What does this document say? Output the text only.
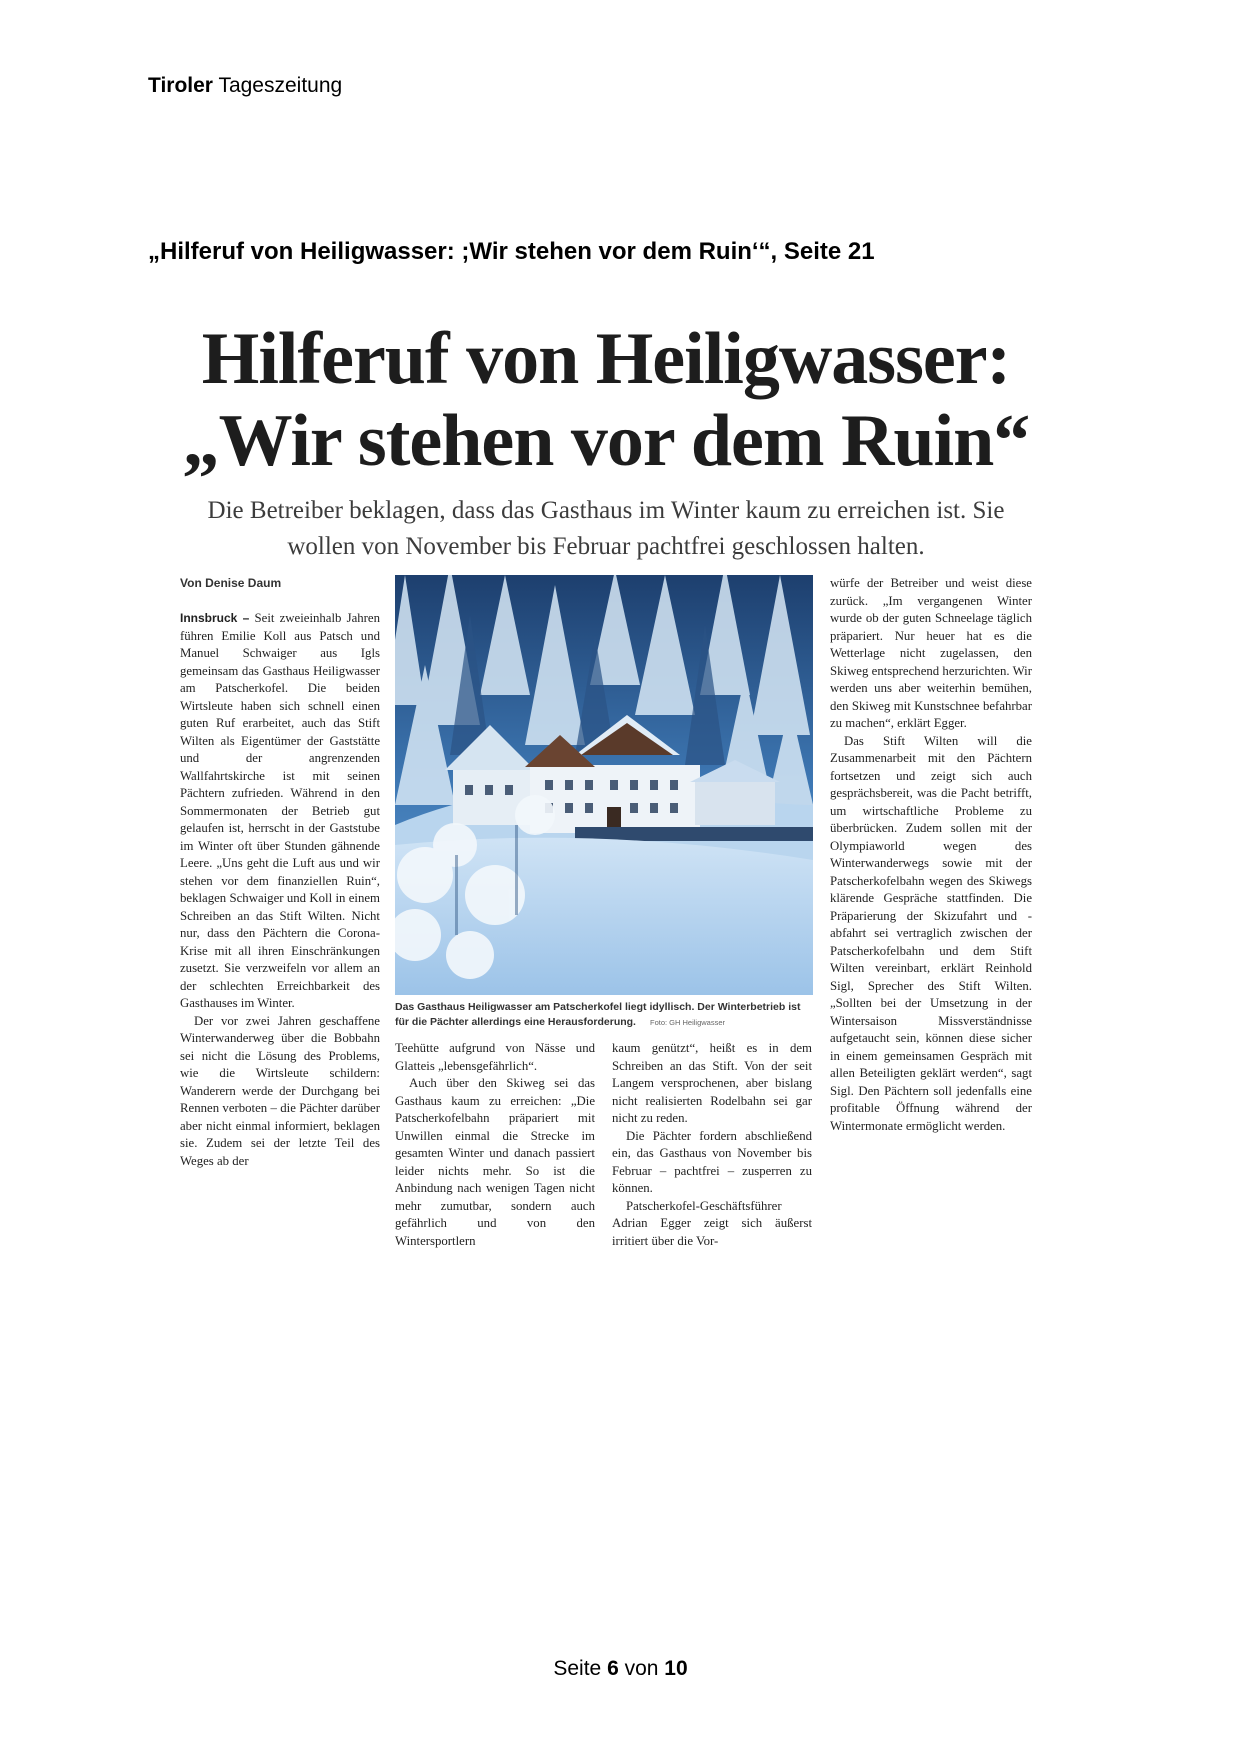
Tiroler Tageszeitung
„Hilferuf von Heiligwasser: ;Wir stehen vor dem Ruin‘“, Seite 21
Hilferuf von Heiligwasser:
„Wir stehen vor dem Ruin“
Die Betreiber beklagen, dass das Gasthaus im Winter kaum zu erreichen ist. Sie wollen von November bis Februar pachtfrei geschlossen halten.
Von Denise Daum

Innsbruck – Seit zweieinhalb Jahren führen Emilie Koll aus Patsch und Manuel Schwaiger aus Igls gemeinsam das Gasthaus Heiligwasser am Patscherkofel. Die beiden Wirtsleute haben sich schnell einen guten Ruf erarbeitet, auch das Stift Wilten als Eigentümer der Gaststätte und der angrenzenden Wallfahrtskirche ist mit seinen Pächtern zufrieden. Während in den Sommermonaten der Betrieb gut gelaufen ist, herrscht in der Gaststube im Winter oft über Stunden gähnende Leere. „Uns geht die Luft aus und wir stehen vor dem finanziellen Ruin“, beklagen Schwaiger und Koll in einem Schreiben an das Stift Wilten. Nicht nur, dass den Pächtern die Corona-Krise mit all ihren Einschränkungen zusetzt. Sie verzweifeln vor allem an der schlechten Erreichbarkeit des Gasthauses im Winter.

Der vor zwei Jahren geschaffene Winterwanderweg über die Bobbahn sei nicht die Lösung des Problems, wie die Wirtsleute schildern: Wanderern werde der Durchgang bei Rennen verboten – die Pächter darüber aber nicht einmal informiert, beklagen sie. Zudem sei der letzte Teil des Weges ab der

Das Gasthaus Heiligwasser am Patscherkofel liegt idyllisch. Der Winterbetrieb ist für die Pächter allerdings eine Herausforderung. Foto: GH Heiligwasser

Teehütte aufgrund von Nässe und Glatteis „lebensgefährlich“.

Auch über den Skiweg sei das Gasthaus kaum zu erreichen: „Die Patscherkofelbahn präpariert mit Unwillen einmal die Strecke im gesamten Winter und danach passiert leider nichts mehr. So ist die Anbindung nach wenigen Tagen nicht mehr zumutbar, sondern auch gefährlich und von den Wintersportlern

kaum genützt“, heißt es in dem Schreiben an das Stift. Von der seit Langem versprochenen, aber bislang nicht realisierten Rodelbahn sei gar nicht zu reden.

Die Pächter fordern abschließend ein, das Gasthaus von November bis Februar – pachtfrei – zusperren zu können.

Patscherkofel-Geschäftsführer Adrian Egger zeigt sich äußerst irritiert über die Vor-

würfe der Betreiber und weist diese zurück. „Im vergangenen Winter wurde ob der guten Schneelage täglich präpariert. Nur heuer hat es die Wetterlage nicht zugelassen, den Skiweg entsprechend herzurichten. Wir werden uns aber weiterhin bemühen, den Skiweg mit Kunstschnee befahrbar zu machen“, erklärt Egger.

Das Stift Wilten will die Zusammenarbeit mit den Pächtern fortsetzen und zeigt sich auch gesprächsbereit, was die Pacht betrifft, um wirtschaftliche Probleme zu überbrücken. Zudem sollen mit der Olympiaworld wegen des Winterwanderwegs sowie mit der Patscherkofelbahn wegen des Skiwegs klärende Gespräche stattfinden. Die Präparierung der Skizufahrt und -abfahrt sei vertraglich zwischen der Patscherkofelbahn und dem Stift Wilten vereinbart, erklärt Reinhold Sigl, Sprecher des Stift Wilten. „Sollten bei der Umsetzung in der Wintersaison Missverständnisse aufgetaucht sein, können diese sicher in einem gemeinsamen Gespräch mit allen Beteiligten geklärt werden“, sagt Sigl. Den Pächtern soll jedenfalls eine profitable Öffnung während der Wintermonate ermöglicht werden.

Seite 6 von 10
